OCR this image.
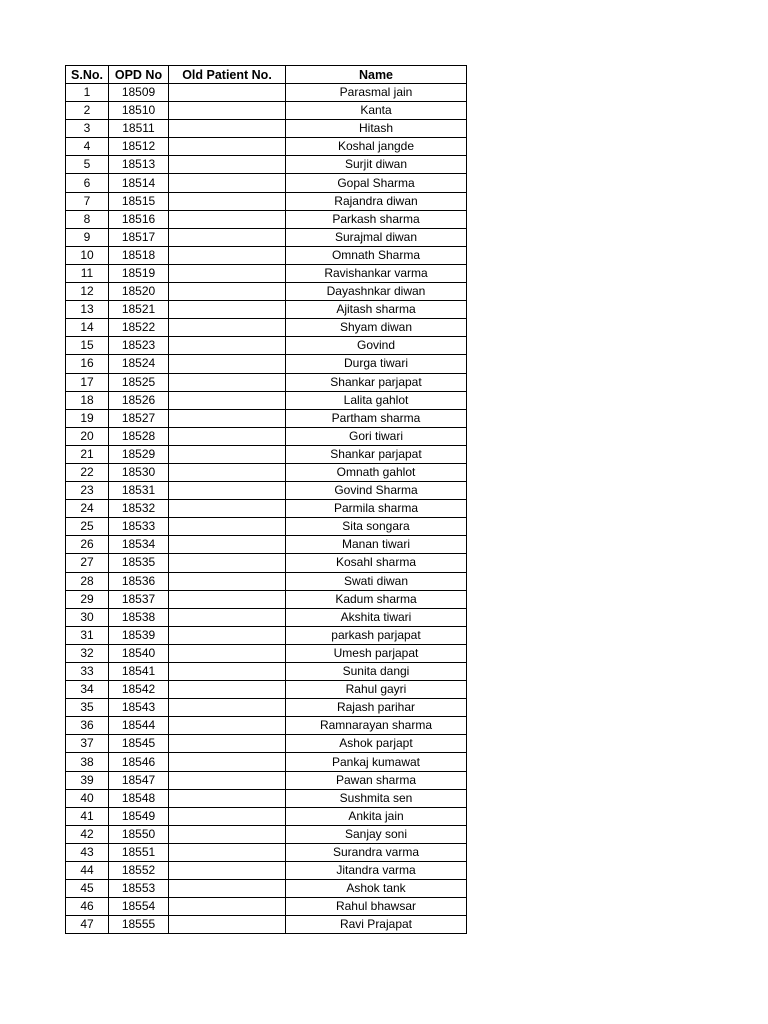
S.No.	OPD No	Old Patient No.	Name
1	18509		Parasmal jain
2	18510		Kanta
3	18511		Hitash
4	18512		Koshal jangde
5	18513		Surjit diwan
6	18514		Gopal Sharma
7	18515		Rajandra diwan
8	18516		Parkash sharma
9	18517		Surajmal diwan
10	18518		Omnath Sharma
11	18519		Ravishankar varma
12	18520		Dayashnkar diwan
13	18521		Ajitash sharma
14	18522		Shyam diwan
15	18523		Govind
16	18524		Durga tiwari
17	18525		Shankar parjapat
18	18526		Lalita gahlot
19	18527		Partham sharma
20	18528		Gori tiwari
21	18529		Shankar parjapat
22	18530		Omnath gahlot
23	18531		Govind Sharma
24	18532		Parmila sharma
25	18533		Sita songara
26	18534		Manan tiwari
27	18535		Kosahl sharma
28	18536		Swati diwan
29	18537		Kadum sharma
30	18538		Akshita tiwari
31	18539		parkash parjapat
32	18540		Umesh parjapat
33	18541		Sunita dangi
34	18542		Rahul gayri
35	18543		Rajash parihar
36	18544		Ramnarayan sharma
37	18545		Ashok parjapt
38	18546		Pankaj kumawat
39	18547		Pawan sharma
40	18548		Sushmita sen
41	18549		Ankita jain
42	18550		Sanjay soni
43	18551		Surandra varma
44	18552		Jitandra varma
45	18553		Ashok tank
46	18554		Rahul bhawsar
47	18555		Ravi Prajapat
